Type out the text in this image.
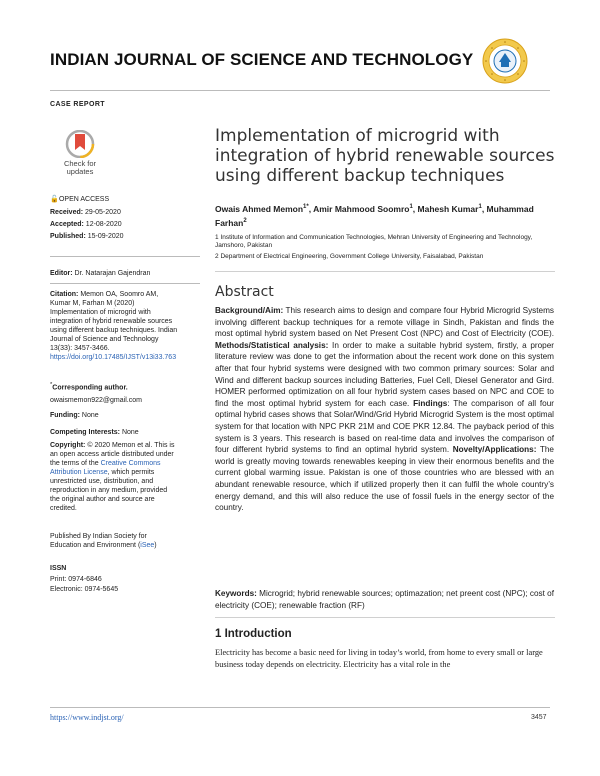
INDIAN JOURNAL OF SCIENCE AND TECHNOLOGY
CASE REPORT
Check for
updates
🔓 OPEN ACCESS
Received: 29-05-2020
Accepted: 12-08-2020
Published: 15-09-2020
Editor: Dr. Natarajan Gajendran
Citation: Memon OA, Soomro AM, Kumar M, Farhan M (2020) Implementation of microgrid with integration of hybrid renewable sources using different backup techniques. Indian Journal of Science and Technology 13(33): 3457-3466. https://doi.org/10.17485/IJST/v13i33.763
*Corresponding author.
owaismemon922@gmail.com
Funding: None
Competing Interests: None
Copyright: © 2020 Memon et al. This is an open access article distributed under the terms of the Creative Commons Attribution License, which permits unrestricted use, distribution, and reproduction in any medium, provided the original author and source are credited.
Published By Indian Society for Education and Environment (iSee)
ISSN
Print: 0974-6846
Electronic: 0974-5645
Implementation of microgrid with integration of hybrid renewable sources using different backup techniques
Owais Ahmed Memon$^{1*}$, Amir Mahmood Soomro$^1$, Mahesh Kumar$^1$, Muhammad Farhan$^2$
1 Institute of Information and Communication Technologies, Mehran University of Engineering and Technology, Jamshoro, Pakistan
2 Department of Electrical Engineering, Government College University, Faisalabad, Pakistan
Abstract
Background/Aim: This research aims to design and compare four Hybrid Microgrid Systems involving different backup techniques for a remote village in Sindh, Pakistan and finds the most optimal hybrid system based on Net Present Cost (NPC) and Cost of Electricity (COE). Methods/Statistical analysis: In order to make a suitable hybrid system, firstly, a proper literature review was done to get the information about the recent work done on this system after that four hybrid systems were designed with two common primary sources: Solar and Wind and different backup sources including Batteries, Fuel Cell, Diesel Generator and Gird. HOMER performed optimization on all four hybrid system cases based on NPC and COE to find the most optimal hybrid system for each case. Findings: The comparison of all four optimal hybrid cases shows that Solar/Wind/Grid Hybrid Microgrid System is the most optimal system for that location with NPC PKR 21M and COE PKR 12.84. The payback period of this system is 3 years. This research is based on real-time data and involves the comparison of four different hybrid systems to find an optimal hybrid system. Novelty/Applications: The world is greatly moving towards renewables keeping in view their enormous benefits and the current global warming issue. Pakistan is one of those countries who are blessed with an abundant renewable resource, which if utilized properly then it can fulfil the whole country’s energy demand, and this will also reduce the use of fossil fuels in the energy sector of the country.
Keywords: Microgrid; hybrid renewable sources; optimazation; net preent cost (NPC); cost of electricity (COE); renewable fraction (RF)
1 Introduction
Electricity has become a basic need for living in today’s world, from home to every small or large business today depends on electricity. Electricity has a vital role in the
https://www.indjst.org/	3457
